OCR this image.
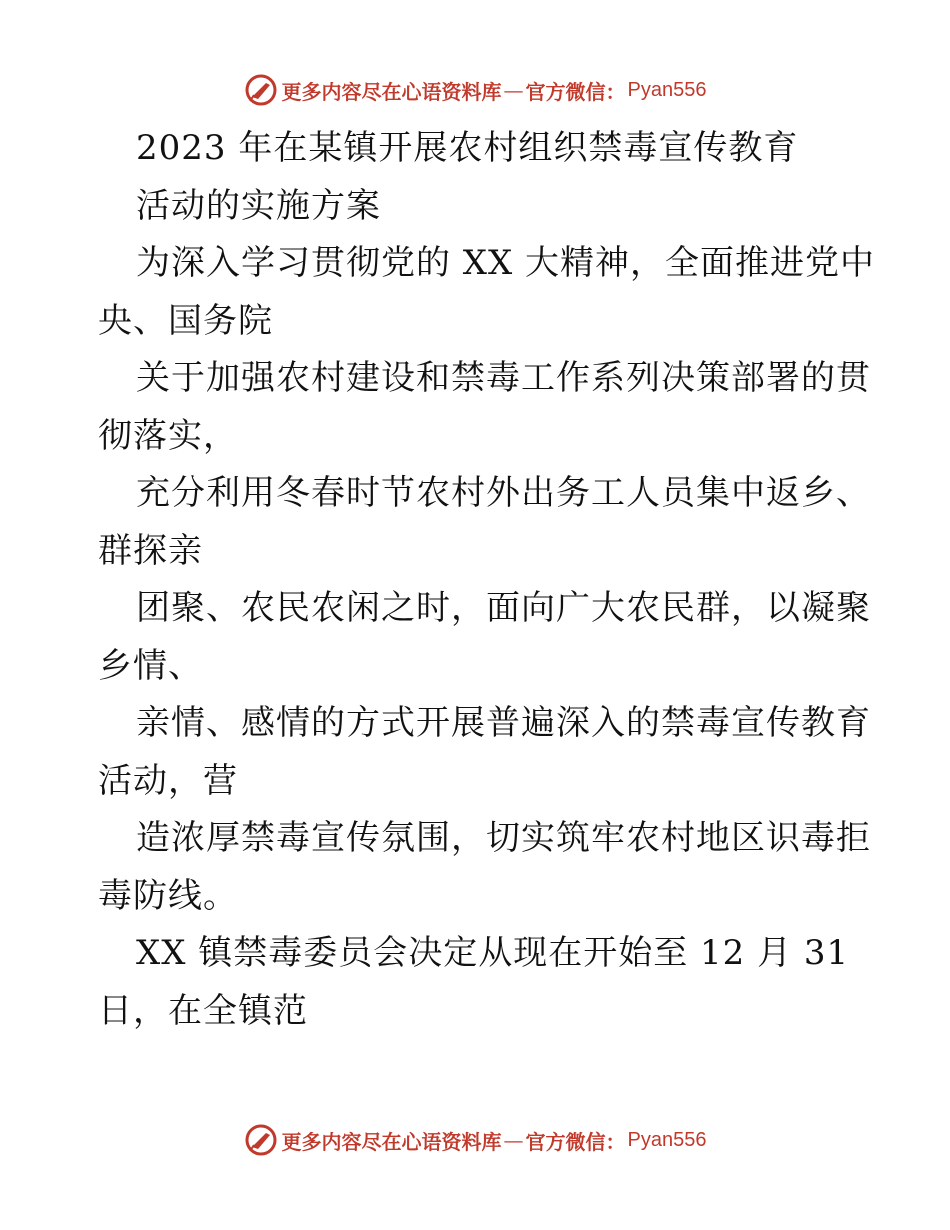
更多内容尽在心语资料库 — 官方微信： Pyan556
2023 年在某镇开展农村组织禁毒宣传教育
活动的实施方案
为深入学习贯彻党的 XX 大精神，全面推进党中
央、国务院
关于加强农村建设和禁毒工作系列决策部署的贯
彻落实，
充分利用冬春时节农村外出务工人员集中返乡、
群探亲
团聚、农民农闲之时，面向广大农民群，以凝聚
乡情、
亲情、感情的方式开展普遍深入的禁毒宣传教育
活动，营
造浓厚禁毒宣传氛围，切实筑牢农村地区识毒拒
毒防线。
XX 镇禁毒委员会决定从现在开始至 12 月 31
日，在全镇范
更多内容尽在心语资料库 — 官方微信： Pyan556
